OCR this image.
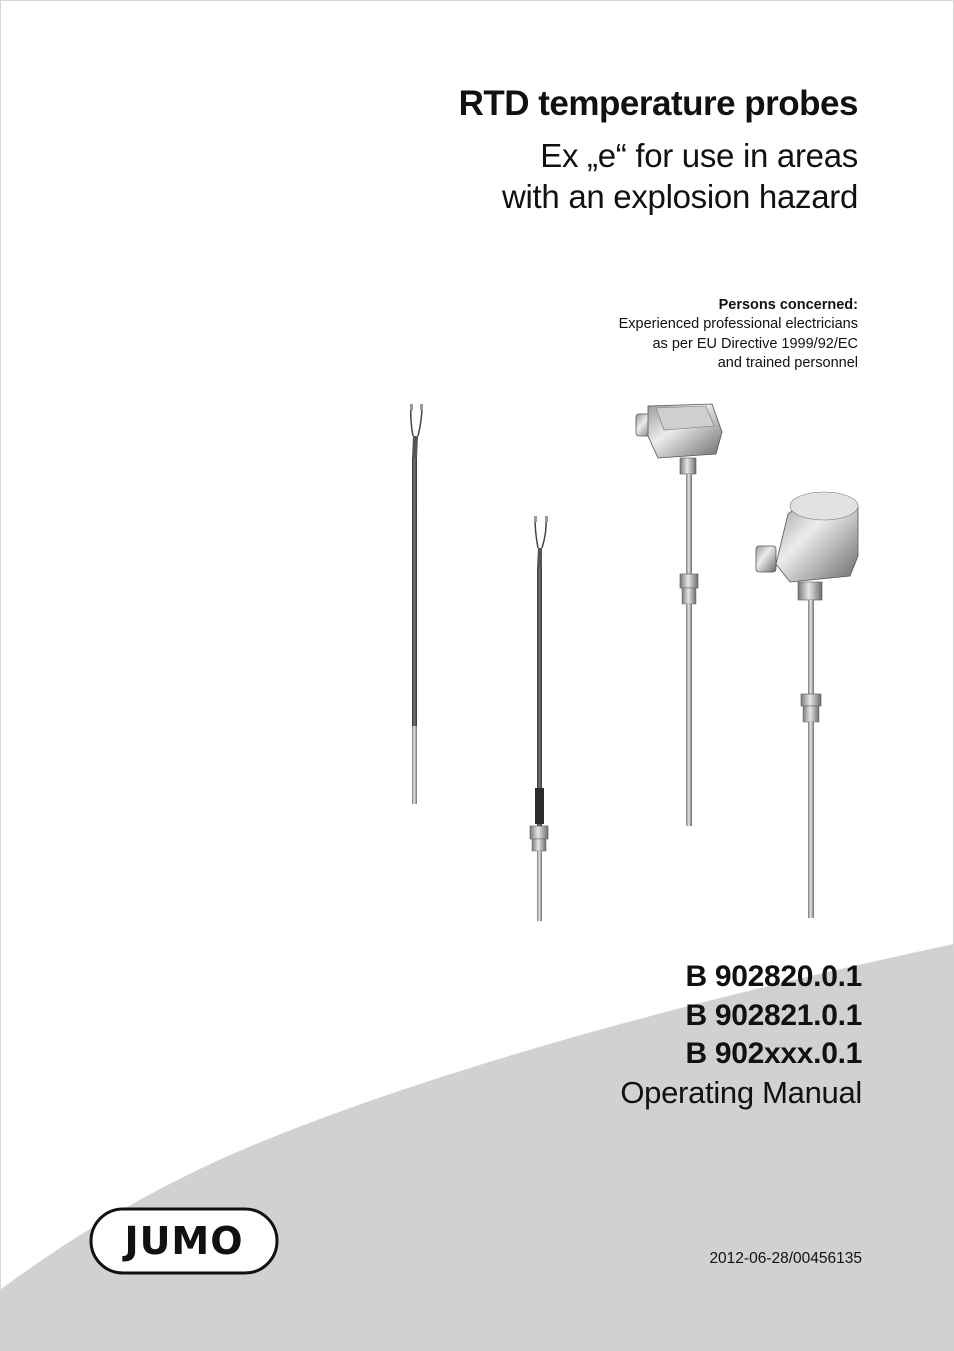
RTD temperature probes
Ex „e“ for use in areas
with an explosion hazard
Persons concerned:
Experienced professional electricians
as per EU Directive 1999/92/EC
and trained personnel
B 902820.0.1
B 902821.0.1
B 902xxx.0.1
Operating Manual
JUMO	2012-06-28/00456135
